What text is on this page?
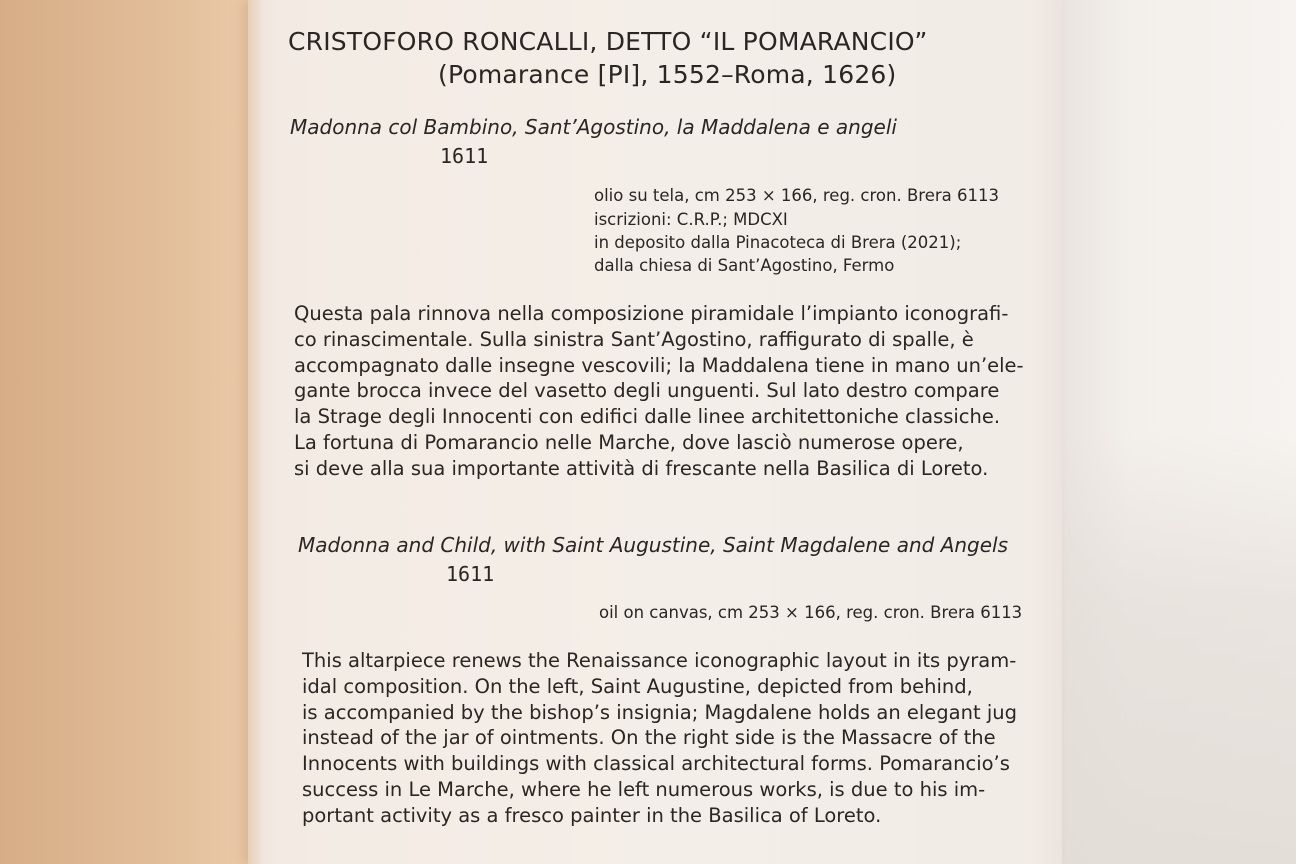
CRISTOFORO RONCALLI, DETTO “IL POMARANCIO”

(Pomarance [PI], 1552–Roma, 1626)

Madonna col Bambino, Sant’Agostino, la Maddalena e angeli

1611

olio su tela, cm 253 × 166, reg. cron. Brera 6113

iscrizioni: C.R.P.; MDCXI

in deposito dalla Pinacoteca di Brera (2021);

dalla chiesa di Sant’Agostino, Fermo

Questa pala rinnova nella composizione piramidale l’impianto iconografi-
co rinascimentale. Sulla sinistra Sant’Agostino, raffigurato di spalle, è
accompagnato dalle insegne vescovili; la Maddalena tiene in mano un’ele-
gante brocca invece del vasetto degli unguenti. Sul lato destro compare
la Strage degli Innocenti con edifici dalle linee architettoniche classiche.
La fortuna di Pomarancio nelle Marche, dove lasciò numerose opere,
si deve alla sua importante attività di frescante nella Basilica di Loreto.

Madonna and Child, with Saint Augustine, Saint Magdalene and Angels

1611

oil on canvas, cm 253 × 166, reg. cron. Brera 6113

This altarpiece renews the Renaissance iconographic layout in its pyram-
idal composition. On the left, Saint Augustine, depicted from behind,
is accompanied by the bishop’s insignia; Magdalene holds an elegant jug
instead of the jar of ointments. On the right side is the Massacre of the
Innocents with buildings with classical architectural forms. Pomarancio’s
success in Le Marche, where he left numerous works, is due to his im-
portant activity as a fresco painter in the Basilica of Loreto.
